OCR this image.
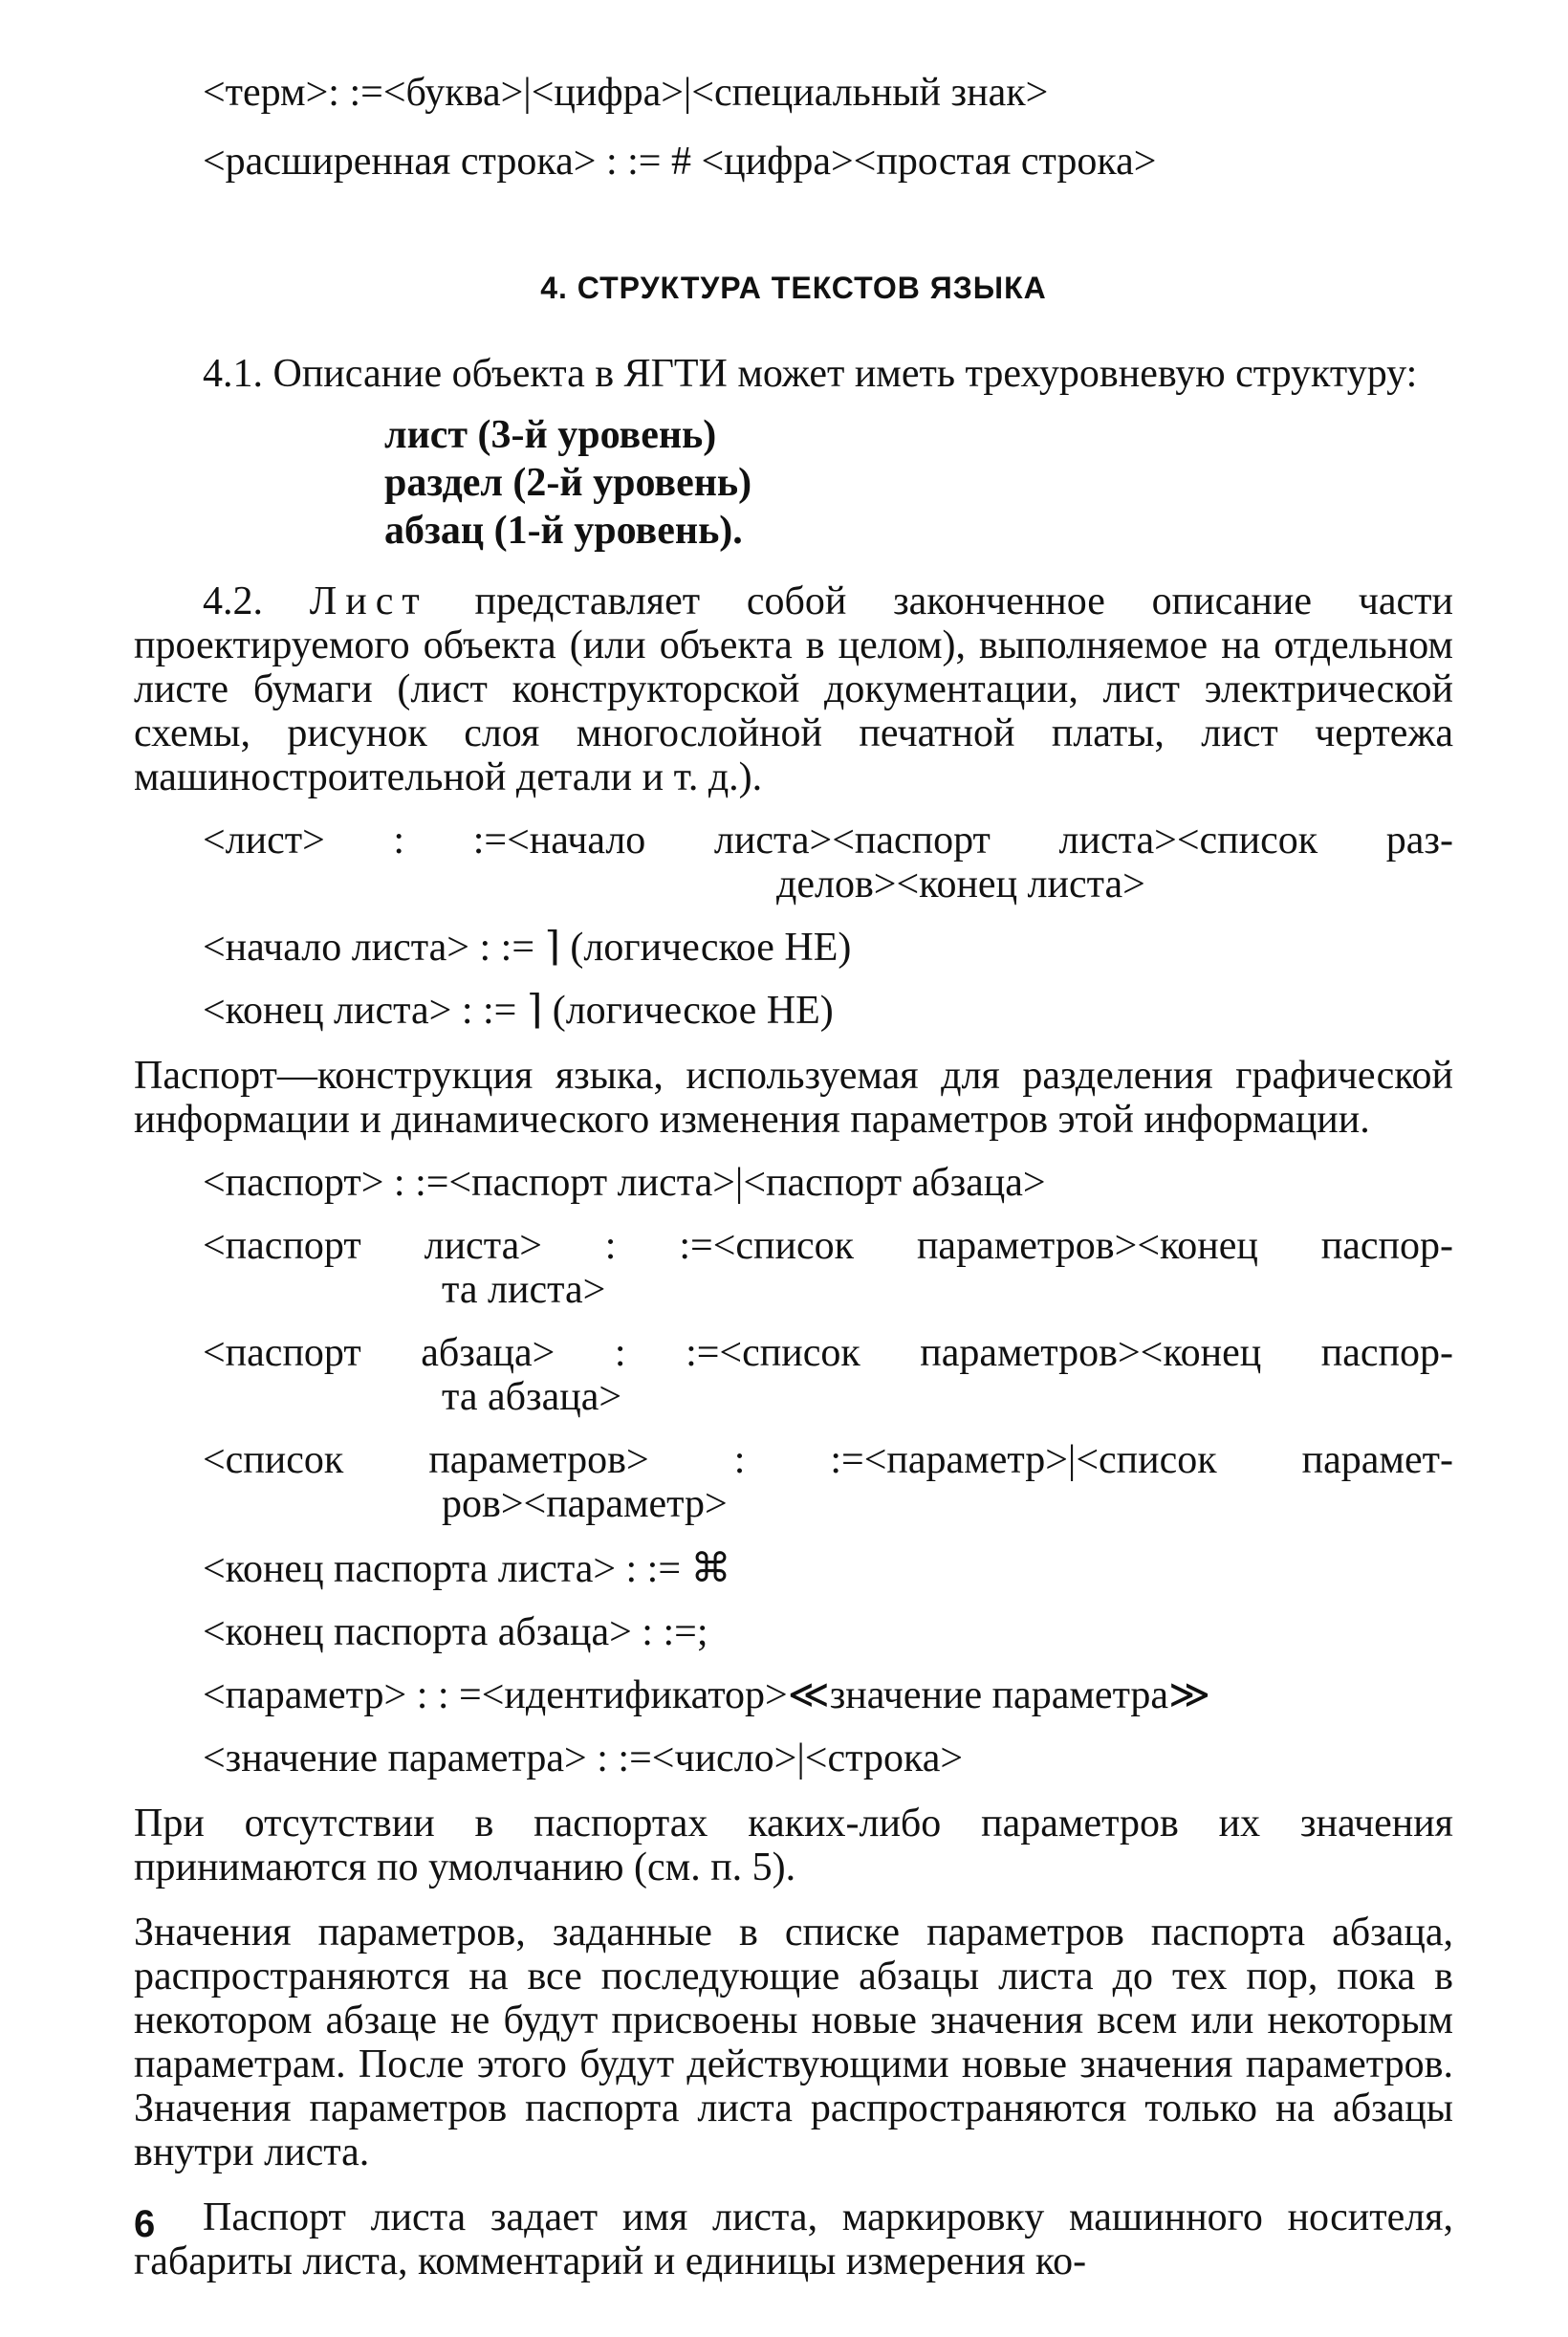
<терм>: :=<буква>|<цифра>|<специальный знак>
<расширенная строка> : := # <цифра><простая строка>
4. СТРУКТУРА ТЕКСТОВ ЯЗЫКА

4.1. Описание объекта в ЯГТИ может иметь трехуровневую структуру:

лист (3-й уровень)
раздел (2-й уровень)
абзац (1-й уровень).

4.2. Лист представляет собой законченное описание части проектируемого объекта (или объекта в целом), выполняемое на отдельном листе бумаги (лист конструкторской документации, лист электрической схемы, рисунок слоя многослойной печатной платы, лист чертежа машиностроительной детали и т. д.).

<лист> : :=<начало листа><паспорт листа><список раз-
делов><конец листа>
<начало листа> : := ⌉ (логическое НЕ)
<конец листа> : := ⌉ (логическое НЕ)

Паспорт—конструкция языка, используемая для разделения графической информации и динамического изменения параметров этой информации.

<паспорт> : :=<паспорт листа>|<паспорт абзаца>
<паспорт листа> : :=<список параметров><конец паспор-
та листа>
<паспорт абзаца> : :=<список параметров><конец паспор-
та абзаца>
<список параметров> : :=<параметр>|<список парамет-
ров><параметр>
<конец паспорта листа> : := ⌘
<конец паспорта абзаца> : :=;
<параметр> : : =<идентификатор>≪значение параметра≫
<значение параметра> : :=<число>|<строка>

При отсутствии в паспортах каких-либо параметров их значения принимаются по умолчанию (см. п. 5).

Значения параметров, заданные в списке параметров паспорта абзаца, распространяются на все последующие абзацы листа до тех пор, пока в некотором абзаце не будут присвоены новые значения всем или некоторым параметрам. После этого будут действующими новые значения параметров. Значения параметров паспорта листа распространяются только на абзацы внутри листа.

Паспорт листа задает имя листа, маркировку машинного носителя, габариты листа, комментарий и единицы измерения ко-

6
